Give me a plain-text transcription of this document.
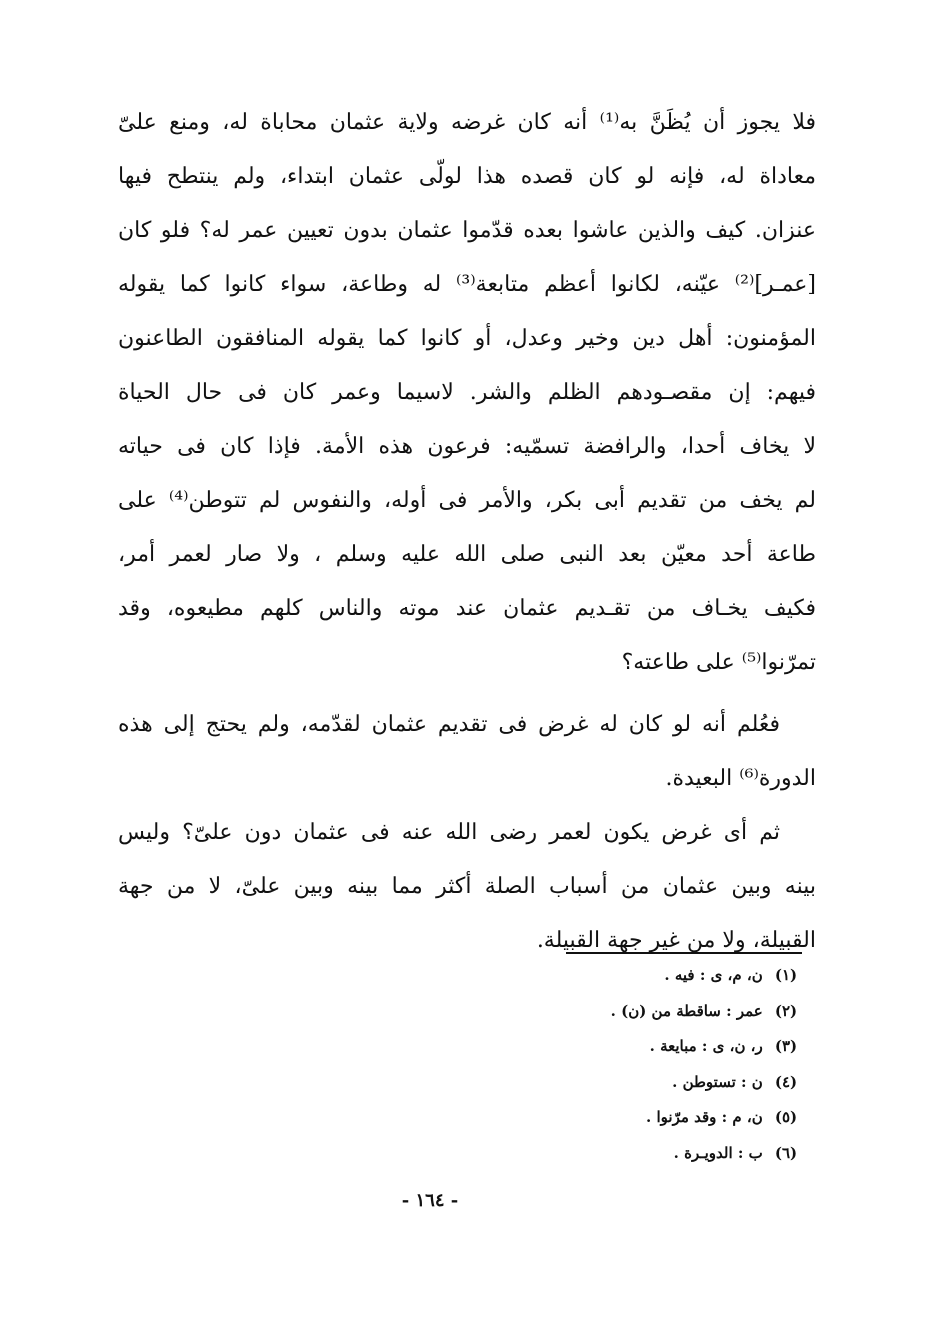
فلا يجوز أن يُظَنَّ به⁽¹⁾ أنه كان غرضه ولاية عثمان محاباة له، ومنع علىّ
معاداة له، فإنه لو كان قصده هذا لولّى عثمان ابتداء، ولم ينتطح فيها
عنزان. كيف والذين عاشوا بعده قدّموا عثمان بدون تعيين عمر له؟ فلو كان
[عمـر]⁽²⁾ عيّنه، لكانوا أعظم متابعة⁽³⁾ له وطاعة، سواء كانوا كما يقوله
المؤمنون: أهل دين وخير وعدل، أو كانوا كما يقوله المنافقون الطاعنون
فيهم: إن مقصـودهم الظلم والشر. لاسيما وعمر كان فى حال الحياة
لا يخاف أحدا، والرافضة تسمّيه: فرعون هذه الأمة. فإذا كان فى حياته
لم يخف من تقديم أبى بكر، والأمر فى أوله، والنفوس لم تتوطن⁽⁴⁾ على
طاعة أحد معيّن بعد النبى صلى الله عليه وسلم ، ولا صار لعمر أمر،
فكيف يخـاف من تقـديم عثمان عند موته والناس كلهم مطيعوه، وقد
تمرّنوا⁽⁵⁾ على طاعته؟
فعُلم أنه لو كان له غرض فى تقديم عثمان لقدّمه، ولم يحتج إلى هذه
الدورة⁽⁶⁾ البعيدة.
ثم أى غرض يكون لعمر رضى الله عنه فى عثمان دون علىّ؟ وليس
بينه وبين عثمان من أسباب الصلة أكثر مما بينه وبين علىّ، لا من جهة
القبيلة، ولا من غير جهة القبيلة.
(١) ن، م، ى : فيه .
(٢) عمر : ساقطة من (ن) .
(٣) ر، ن، ى : مبايعة .
(٤) ن : تستوطن .
(٥) ن، م : وقد مرّنوا .
(٦) ب : الدويـرة .
- ١٦٤ -
